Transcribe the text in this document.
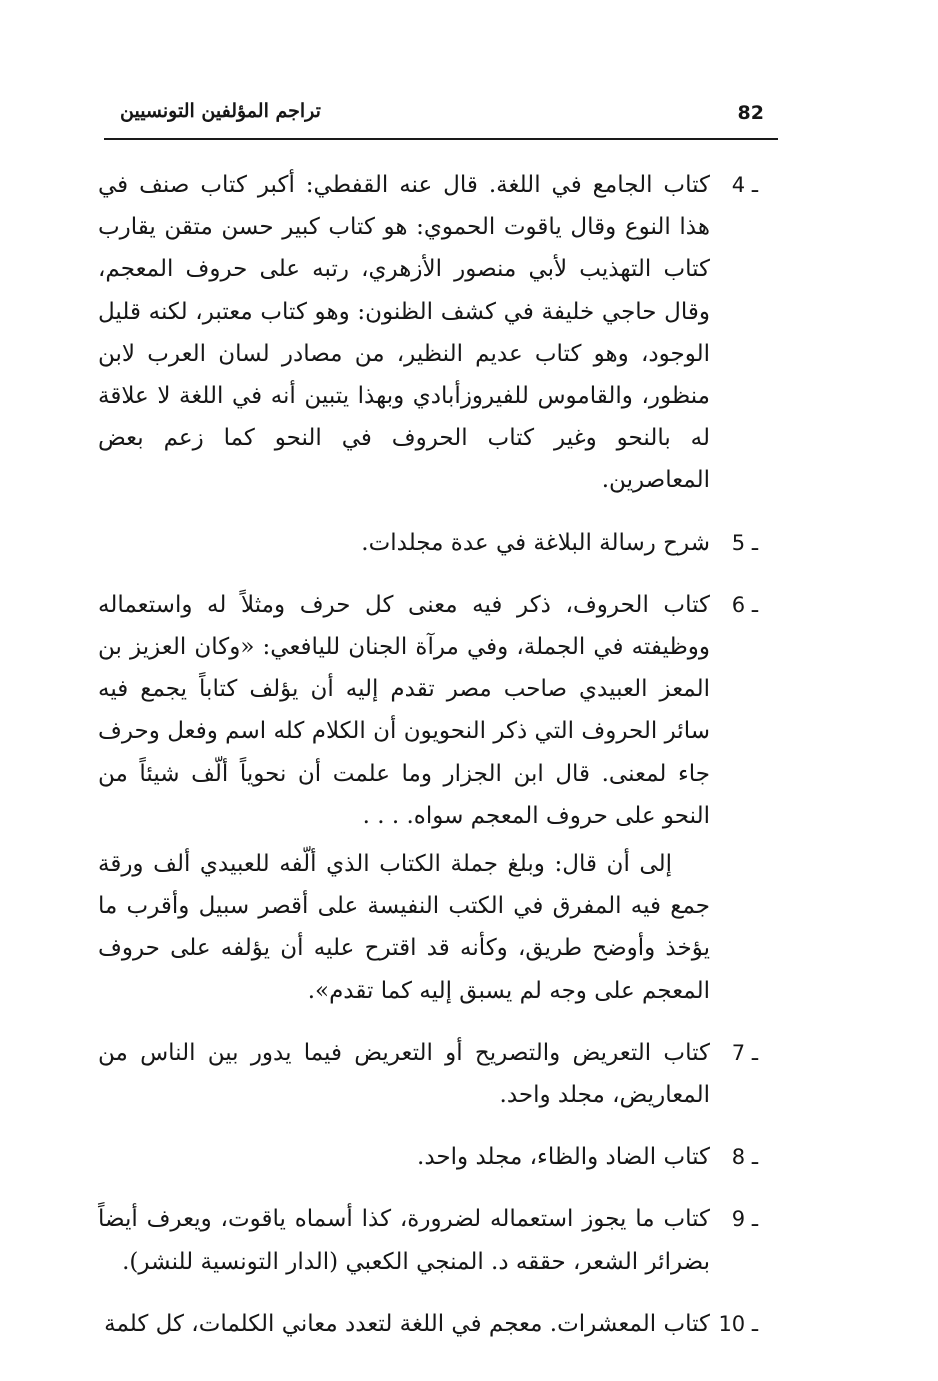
82
تراجم المؤلفين التونسيين
4 ـ

كتاب الجامع في اللغة. قال عنه القفطي: أكبر كتاب صنف في هذا النوع وقال ياقوت الحموي: هو كتاب كبير حسن متقن يقارب كتاب التهذيب لأبي منصور الأزهري، رتبه على حروف المعجم، وقال حاجي خليفة في كشف الظنون: وهو كتاب معتبر، لكنه قليل الوجود، وهو كتاب عديم النظير، من مصادر لسان العرب لابن منظور، والقاموس للفيروزأبادي وبهذا يتبين أنه في اللغة لا علاقة له بالنحو وغير كتاب الحروف في النحو كما زعم بعض المعاصرين.

5 ـ

شرح رسالة البلاغة في عدة مجلدات.

6 ـ

كتاب الحروف، ذكر فيه معنى كل حرف ومثلاً له واستعماله ووظيفته في الجملة، وفي مرآة الجنان لليافعي: «وكان العزيز بن المعز العبيدي صاحب مصر تقدم إليه أن يؤلف كتاباً يجمع فيه سائر الحروف التي ذكر النحويون أن الكلام كله اسم وفعل وحرف جاء لمعنى. قال ابن الجزار وما علمت أن نحوياً ألّف شيئاً من النحو على حروف المعجم سواه. . . .

إلى أن قال: وبلغ جملة الكتاب الذي ألّفه للعبيدي ألف ورقة جمع فيه المفرق في الكتب النفيسة على أقصر سبيل وأقرب ما يؤخذ وأوضح طريق، وكأنه قد اقترح عليه أن يؤلفه على حروف المعجم على وجه لم يسبق إليه كما تقدم».

7 ـ

كتاب التعريض والتصريح أو التعريض فيما يدور بين الناس من المعاريض، مجلد واحد.

8 ـ

كتاب الضاد والظاء، مجلد واحد.

9 ـ

كتاب ما يجوز استعماله لضرورة، كذا أسماه ياقوت، ويعرف أيضاً بضرائر الشعر، حققه د. المنجي الكعبي (الدار التونسية للنشر).

10 ـ

كتاب المعشرات. معجم في اللغة لتعدد معاني الكلمات، كل كلمة
